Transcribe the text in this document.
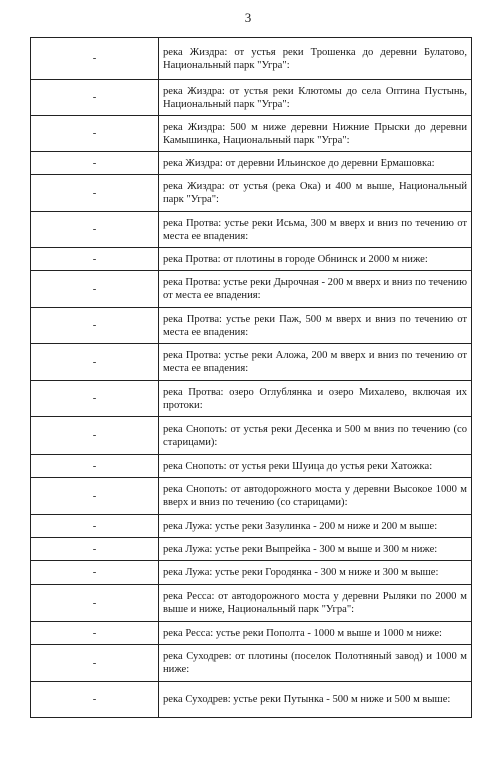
3
-	река Жиздра: от устья реки Трошенка до деревни Булатово, Национальный парк "Угра":
-	река Жиздра: от устья реки Клютомы до села Оптина Пустынь, Национальный парк "Угра":
-	река Жиздра: 500 м ниже деревни Нижние Прыски до деревни Камышинка, Национальный парк "Угра":
-	река Жиздра: от деревни Ильинское до деревни Ермашовка:
-	река Жиздра: от устья (река Ока) и 400 м выше, Национальный парк "Угра":
-	река Протва: устье реки Исьма, 300 м вверх и вниз по течению от места ее впадения:
-	река Протва: от плотины в городе Обнинск и 2000 м ниже:
-	река Протва: устье реки Дырочная - 200 м вверх и вниз по течению от места ее впадения:
-	река Протва: устье реки Паж, 500 м вверх и вниз по течению от места ее впадения:
-	река Протва: устье реки Аложа, 200 м вверх и вниз по течению от места ее впадения:
-	река Протва: озеро Оглублянка и озеро Михалево, включая их протоки:
-	река Снопоть: от устья реки Десенка и 500 м вниз по течению (со старицами):
-	река Снопоть: от устья реки Шуица до устья реки Хатожка:
-	река Снопоть: от автодорожного моста у деревни Высокое 1000 м вверх и вниз по течению (со старицами):
-	река Лужа: устье реки Зазулинка - 200 м ниже и 200 м выше:
-	река Лужа: устье реки Выпрейка - 300 м выше и 300 м ниже:
-	река Лужа: устье реки Городянка - 300 м ниже и 300 м выше:
-	река Ресса: от автодорожного моста у деревни Рыляки по 2000 м выше и ниже, Национальный парк "Угра":
-	река Ресса: устье реки Пополта - 1000 м выше и 1000 м ниже:
-	река Суходрев: от плотины (поселок Полотняный завод) и 1000 м ниже:
-	река Суходрев: устье реки Путынка - 500 м ниже и 500 м выше:
